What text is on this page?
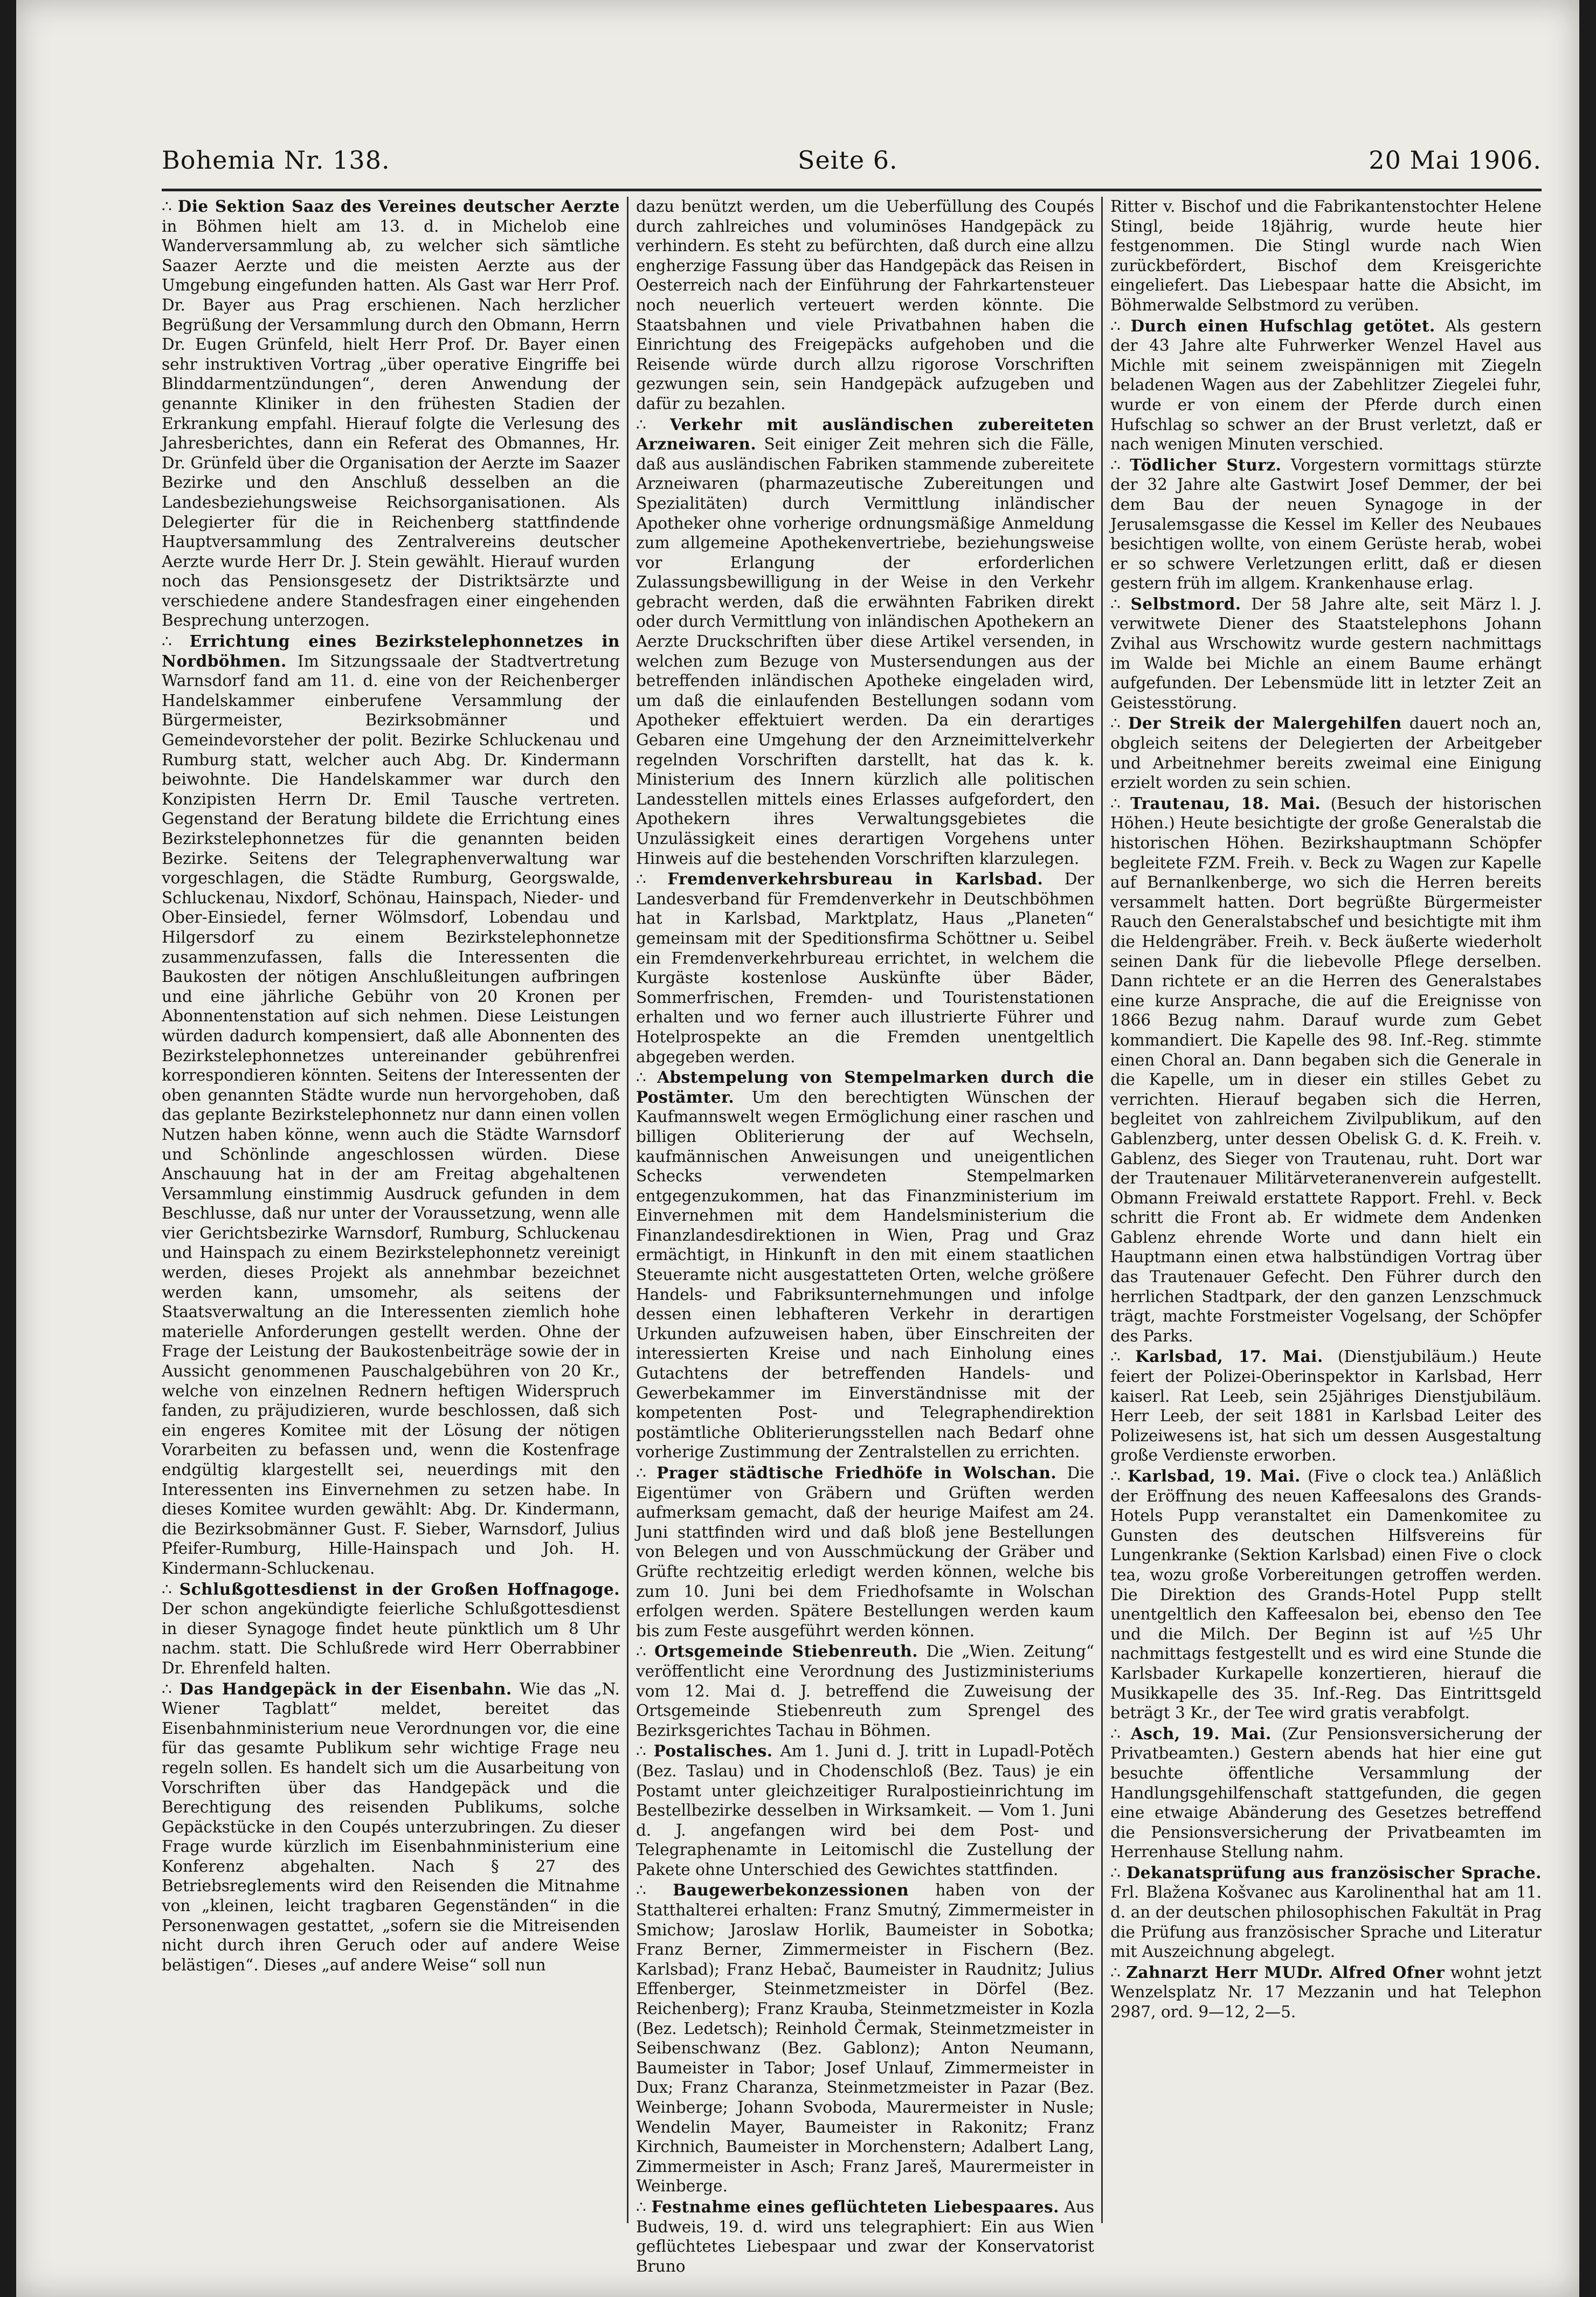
Bohemia Nr. 138.	Seite 6.	20 Mai 1906.

∴ Die Sektion Saaz des Vereines deutscher Aerzte in Böhmen hielt am 13. d. in Michelob eine Wanderversammlung ab, zu welcher sich sämtliche Saazer Aerzte und die meisten Aerzte aus der Umgebung eingefunden hatten. Als Gast war Herr Prof. Dr. Bayer aus Prag erschienen. Nach herzlicher Begrüßung der Versammlung durch den Obmann, Herrn Dr. Eugen Grünfeld, hielt Herr Prof. Dr. Bayer einen sehr instruktiven Vortrag „über operative Eingriffe bei Blinddarmentzündungen“, deren Anwendung der genannte Kliniker in den frühesten Stadien der Erkrankung empfahl. Hierauf folgte die Verlesung des Jahresberichtes, dann ein Referat des Obmannes, Hr. Dr. Grünfeld über die Organisation der Aerzte im Saazer Bezirke und den Anschluß desselben an die Landesbeziehungsweise Reichsorganisationen. Als Delegierter für die in Reichenberg stattfindende Hauptversammlung des Zentralvereins deutscher Aerzte wurde Herr Dr. J. Stein gewählt. Hierauf wurden noch das Pensionsgesetz der Distriktsärzte und verschiedene andere Standesfragen einer eingehenden Besprechung unterzogen.

∴ Errichtung eines Bezirkstelephonnetzes in Nordböhmen. Im Sitzungssaale der Stadtvertretung Warnsdorf fand am 11. d. eine von der Reichenberger Handelskammer einberufene Versammlung der Bürgermeister, Bezirksobmänner und Gemeindevorsteher der polit. Bezirke Schluckenau und Rumburg statt, welcher auch Abg. Dr. Kindermann beiwohnte. Die Handelskammer war durch den Konzipisten Herrn Dr. Emil Tausche vertreten. Gegenstand der Beratung bildete die Errichtung eines Bezirkstelephonnetzes für die genannten beiden Bezirke. Seitens der Telegraphenverwaltung war vorgeschlagen, die Städte Rumburg, Georgswalde, Schluckenau, Nixdorf, Schönau, Hainspach, Nieder- und Ober-Einsiedel, ferner Wölmsdorf, Lobendau und Hilgersdorf zu einem Bezirkstelephonnetze zusammenzufassen, falls die Interessenten die Baukosten der nötigen Anschlußleitungen aufbringen und eine jährliche Gebühr von 20 Kronen per Abonnentenstation auf sich nehmen. Diese Leistungen würden dadurch kompensiert, daß alle Abonnenten des Bezirkstelephonnetzes untereinander gebührenfrei korrespondieren könnten. Seitens der Interessenten der oben genannten Städte wurde nun hervorgehoben, daß das geplante Bezirkstelephonnetz nur dann einen vollen Nutzen haben könne, wenn auch die Städte Warnsdorf und Schönlinde angeschlossen würden. Diese Anschauung hat in der am Freitag abgehaltenen Versammlung einstimmig Ausdruck gefunden in dem Beschlusse, daß nur unter der Voraussetzung, wenn alle vier Gerichtsbezirke Warnsdorf, Rumburg, Schluckenau und Hainspach zu einem Bezirkstelephonnetz vereinigt werden, dieses Projekt als annehmbar bezeichnet werden kann, umsomehr, als seitens der Staatsverwaltung an die Interessenten ziemlich hohe materielle Anforderungen gestellt werden. Ohne der Frage der Leistung der Baukostenbeiträge sowie der in Aussicht genommenen Pauschalgebühren von 20 Kr., welche von einzelnen Rednern heftigen Widerspruch fanden, zu präjudizieren, wurde beschlossen, daß sich ein engeres Komitee mit der Lösung der nötigen Vorarbeiten zu befassen und, wenn die Kostenfrage endgültig klargestellt sei, neuerdings mit den Interessenten ins Einvernehmen zu setzen habe. In dieses Komitee wurden gewählt: Abg. Dr. Kindermann, die Bezirksobmänner Gust. F. Sieber, Warnsdorf, Julius Pfeifer-Rumburg, Hille-Hainspach und Joh. H. Kindermann-Schluckenau.

∴ Schlußgottesdienst in der Großen Hoffnagoge. Der schon angekündigte feierliche Schlußgottesdienst in dieser Synagoge findet heute pünktlich um 8 Uhr nachm. statt. Die Schlußrede wird Herr Oberrabbiner Dr. Ehrenfeld halten.

∴ Das Handgepäck in der Eisenbahn. Wie das „N. Wiener Tagblatt“ meldet, bereitet das Eisenbahnministerium neue Verordnungen vor, die eine für das gesamte Publikum sehr wichtige Frage neu regeln sollen. Es handelt sich um die Ausarbeitung von Vorschriften über das Handgepäck und die Berechtigung des reisenden Publikums, solche Gepäckstücke in den Coupés unterzubringen. Zu dieser Frage wurde kürzlich im Eisenbahnministerium eine Konferenz abgehalten. Nach § 27 des Betriebsreglements wird den Reisenden die Mitnahme von „kleinen, leicht tragbaren Gegenständen“ in die Personenwagen gestattet, „sofern sie die Mitreisenden nicht durch ihren Geruch oder auf andere Weise belästigen“. Dieses „auf andere Weise“ soll nun

dazu benützt werden, um die Ueberfüllung des Coupés durch zahlreiches und voluminöses Handgepäck zu verhindern. Es steht zu befürchten, daß durch eine allzu engherzige Fassung über das Handgepäck das Reisen in Oesterreich nach der Einführung der Fahrkartensteuer noch neuerlich verteuert werden könnte. Die Staatsbahnen und viele Privatbahnen haben die Einrichtung des Freigepäcks aufgehoben und die Reisende würde durch allzu rigorose Vorschriften gezwungen sein, sein Handgepäck aufzugeben und dafür zu bezahlen.

∴ Verkehr mit ausländischen zubereiteten Arzneiwaren. Seit einiger Zeit mehren sich die Fälle, daß aus ausländischen Fabriken stammende zubereitete Arzneiwaren (pharmazeutische Zubereitungen und Spezialitäten) durch Vermittlung inländischer Apotheker ohne vorherige ordnungsmäßige Anmeldung zum allgemeine Apothekenvertriebe, beziehungsweise vor Erlangung der erforderlichen Zulassungsbewilligung in der Weise in den Verkehr gebracht werden, daß die erwähnten Fabriken direkt oder durch Vermittlung von inländischen Apothekern an Aerzte Druckschriften über diese Artikel versenden, in welchen zum Bezuge von Mustersendungen aus der betreffenden inländischen Apotheke eingeladen wird, um daß die einlaufenden Bestellungen sodann vom Apotheker effektuiert werden. Da ein derartiges Gebaren eine Umgehung der den Arzneimittelverkehr regelnden Vorschriften darstellt, hat das k. k. Ministerium des Innern kürzlich alle politischen Landesstellen mittels eines Erlasses aufgefordert, den Apothekern ihres Verwaltungsgebietes die Unzulässigkeit eines derartigen Vorgehens unter Hinweis auf die bestehenden Vorschriften klarzulegen.

∴ Fremdenverkehrsbureau in Karlsbad. Der Landesverband für Fremdenverkehr in Deutschböhmen hat in Karlsbad, Marktplatz, Haus „Planeten“ gemeinsam mit der Speditionsfirma Schöttner u. Seibel ein Fremdenverkehrbureau errichtet, in welchem die Kurgäste kostenlose Auskünfte über Bäder, Sommerfrischen, Fremden- und Touristenstationen erhalten und wo ferner auch illustrierte Führer und Hotelprospekte an die Fremden unentgeltlich abgegeben werden.

∴ Abstempelung von Stempelmarken durch die Postämter. Um den berechtigten Wünschen der Kaufmannswelt wegen Ermöglichung einer raschen und billigen Obliterierung der auf Wechseln, kaufmännischen Anweisungen und uneigentlichen Schecks verwendeten Stempelmarken entgegenzukommen, hat das Finanzministerium im Einvernehmen mit dem Handelsministerium die Finanzlandesdirektionen in Wien, Prag und Graz ermächtigt, in Hinkunft in den mit einem staatlichen Steueramte nicht ausgestatteten Orten, welche größere Handels- und Fabriksunternehmungen und infolge dessen einen lebhafteren Verkehr in derartigen Urkunden aufzuweisen haben, über Einschreiten der interessierten Kreise und nach Einholung eines Gutachtens der betreffenden Handels- und Gewerbekammer im Einverständnisse mit der kompetenten Post- und Telegraphendirektion postämtliche Obliterierungsstellen nach Bedarf ohne vorherige Zustimmung der Zentralstellen zu errichten.

∴ Prager städtische Friedhöfe in Wolschan. Die Eigentümer von Gräbern und Grüften werden aufmerksam gemacht, daß der heurige Maifest am 24. Juni stattfinden wird und daß bloß jene Bestellungen von Belegen und von Ausschmückung der Gräber und Grüfte rechtzeitig erledigt werden können, welche bis zum 10. Juni bei dem Friedhofsamte in Wolschan erfolgen werden. Spätere Bestellungen werden kaum bis zum Feste ausgeführt werden können.

∴ Ortsgemeinde Stiebenreuth. Die „Wien. Zeitung“ veröffentlicht eine Verordnung des Justizministeriums vom 12. Mai d. J. betreffend die Zuweisung der Ortsgemeinde Stiebenreuth zum Sprengel des Bezirksgerichtes Tachau in Böhmen.

∴ Postalisches. Am 1. Juni d. J. tritt in Lupadl-Potěch (Bez. Taslau) und in Chodenschloß (Bez. Taus) je ein Postamt unter gleichzeitiger Ruralpostieinrichtung im Bestellbezirke desselben in Wirksamkeit. — Vom 1. Juni d. J. angefangen wird bei dem Post- und Telegraphenamte in Leitomischl die Zustellung der Pakete ohne Unterschied des Gewichtes stattfinden.

∴ Baugewerbekonzessionen haben von der Statthalterei erhalten: Franz Smutný, Zimmermeister in Smichow; Jaroslaw Horlik, Baumeister in Sobotka; Franz Berner, Zimmermeister in Fischern (Bez. Karlsbad); Franz Hebač, Baumeister in Raudnitz; Julius Effenberger, Steinmetzmeister in Dörfel (Bez. Reichenberg); Franz Krauba, Steinmetzmeister in Kozla (Bez. Ledetsch); Reinhold Čermak, Steinmetzmeister in Seibenschwanz (Bez. Gablonz); Anton Neumann, Baumeister in Tabor; Josef Unlauf, Zimmermeister in Dux; Franz Charanza, Steinmetzmeister in Pazar (Bez. Weinberge; Johann Svoboda, Maurermeister in Nusle; Wendelin Mayer, Baumeister in Rakonitz; Franz Kirchnich, Baumeister in Morchenstern; Adalbert Lang, Zimmermeister in Asch; Franz Jareš, Maurermeister in Weinberge.

∴ Festnahme eines geflüchteten Liebespaares. Aus Budweis, 19. d. wird uns telegraphiert: Ein aus Wien geflüchtetes Liebespaar und zwar der Konservatorist Bruno

Ritter v. Bischof und die Fabrikantenstochter Helene Stingl, beide 18jährig, wurde heute hier festgenommen. Die Stingl wurde nach Wien zurückbefördert, Bischof dem Kreisgerichte eingeliefert. Das Liebespaar hatte die Absicht, im Böhmerwalde Selbstmord zu verüben.

∴ Durch einen Hufschlag getötet. Als gestern der 43 Jahre alte Fuhrwerker Wenzel Havel aus Michle mit seinem zweispännigen mit Ziegeln beladenen Wagen aus der Zabehlitzer Ziegelei fuhr, wurde er von einem der Pferde durch einen Hufschlag so schwer an der Brust verletzt, daß er nach wenigen Minuten verschied.

∴ Tödlicher Sturz. Vorgestern vormittags stürzte der 32 Jahre alte Gastwirt Josef Demmer, der bei dem Bau der neuen Synagoge in der Jerusalemsgasse die Kessel im Keller des Neubaues besichtigen wollte, von einem Gerüste herab, wobei er so schwere Verletzungen erlitt, daß er diesen gestern früh im allgem. Krankenhause erlag.

∴ Selbstmord. Der 58 Jahre alte, seit März l. J. verwitwete Diener des Staatstelephons Johann Zvihal aus Wrschowitz wurde gestern nachmittags im Walde bei Michle an einem Baume erhängt aufgefunden. Der Lebensmüde litt in letzter Zeit an Geistesstörung.

∴ Der Streik der Malergehilfen dauert noch an, obgleich seitens der Delegierten der Arbeitgeber und Arbeitnehmer bereits zweimal eine Einigung erzielt worden zu sein schien.

∴ Trautenau, 18. Mai. (Besuch der historischen Höhen.) Heute besichtigte der große Generalstab die historischen Höhen. Bezirkshauptmann Schöpfer begleitete FZM. Freih. v. Beck zu Wagen zur Kapelle auf Bernanlkenberge, wo sich die Herren bereits versammelt hatten. Dort begrüßte Bürgermeister Rauch den Generalstabschef und besichtigte mit ihm die Heldengräber. Freih. v. Beck äußerte wiederholt seinen Dank für die liebevolle Pflege derselben. Dann richtete er an die Herren des Generalstabes eine kurze Ansprache, die auf die Ereignisse von 1866 Bezug nahm. Darauf wurde zum Gebet kommandiert. Die Kapelle des 98. Inf.-Reg. stimmte einen Choral an. Dann begaben sich die Generale in die Kapelle, um in dieser ein stilles Gebet zu verrichten. Hierauf begaben sich die Herren, begleitet von zahlreichem Zivilpublikum, auf den Gablenzberg, unter dessen Obelisk G. d. K. Freih. v. Gablenz, des Sieger von Trautenau, ruht. Dort war der Trautenauer Militärveteranenverein aufgestellt. Obmann Freiwald erstattete Rapport. Frehl. v. Beck schritt die Front ab. Er widmete dem Andenken Gablenz ehrende Worte und dann hielt ein Hauptmann einen etwa halbstündigen Vortrag über das Trautenauer Gefecht. Den Führer durch den herrlichen Stadtpark, der den ganzen Lenzschmuck trägt, machte Forstmeister Vogelsang, der Schöpfer des Parks.

∴ Karlsbad, 17. Mai. (Dienstjubiläum.) Heute feiert der Polizei-Oberinspektor in Karlsbad, Herr kaiserl. Rat Leeb, sein 25jähriges Dienstjubiläum. Herr Leeb, der seit 1881 in Karlsbad Leiter des Polizeiwesens ist, hat sich um dessen Ausgestaltung große Verdienste erworben.

∴ Karlsbad, 19. Mai. (Five o clock tea.) Anläßlich der Eröffnung des neuen Kaffeesalons des Grands-Hotels Pupp veranstaltet ein Damenkomitee zu Gunsten des deutschen Hilfsvereins für Lungenkranke (Sektion Karlsbad) einen Five o clock tea, wozu große Vorbereitungen getroffen werden. Die Direktion des Grands-Hotel Pupp stellt unentgeltlich den Kaffeesalon bei, ebenso den Tee und die Milch. Der Beginn ist auf ½5 Uhr nachmittags festgestellt und es wird eine Stunde die Karlsbader Kurkapelle konzertieren, hierauf die Musikkapelle des 35. Inf.-Reg. Das Eintrittsgeld beträgt 3 Kr., der Tee wird gratis verabfolgt.

∴ Asch, 19. Mai. (Zur Pensionsversicherung der Privatbeamten.) Gestern abends hat hier eine gut besuchte öffentliche Versammlung der Handlungsgehilfenschaft stattgefunden, die gegen eine etwaige Abänderung des Gesetzes betreffend die Pensionsversicherung der Privatbeamten im Herrenhause Stellung nahm.

∴ Dekanatsprüfung aus französischer Sprache. Frl. Blažena Košvanec aus Karolinenthal hat am 11. d. an der deutschen philosophischen Fakultät in Prag die Prüfung aus französischer Sprache und Literatur mit Auszeichnung abgelegt.

∴ Zahnarzt Herr MUDr. Alfred Ofner wohnt jetzt Wenzelsplatz Nr. 17 Mezzanin und hat Telephon 2987, ord. 9—12, 2—5.
